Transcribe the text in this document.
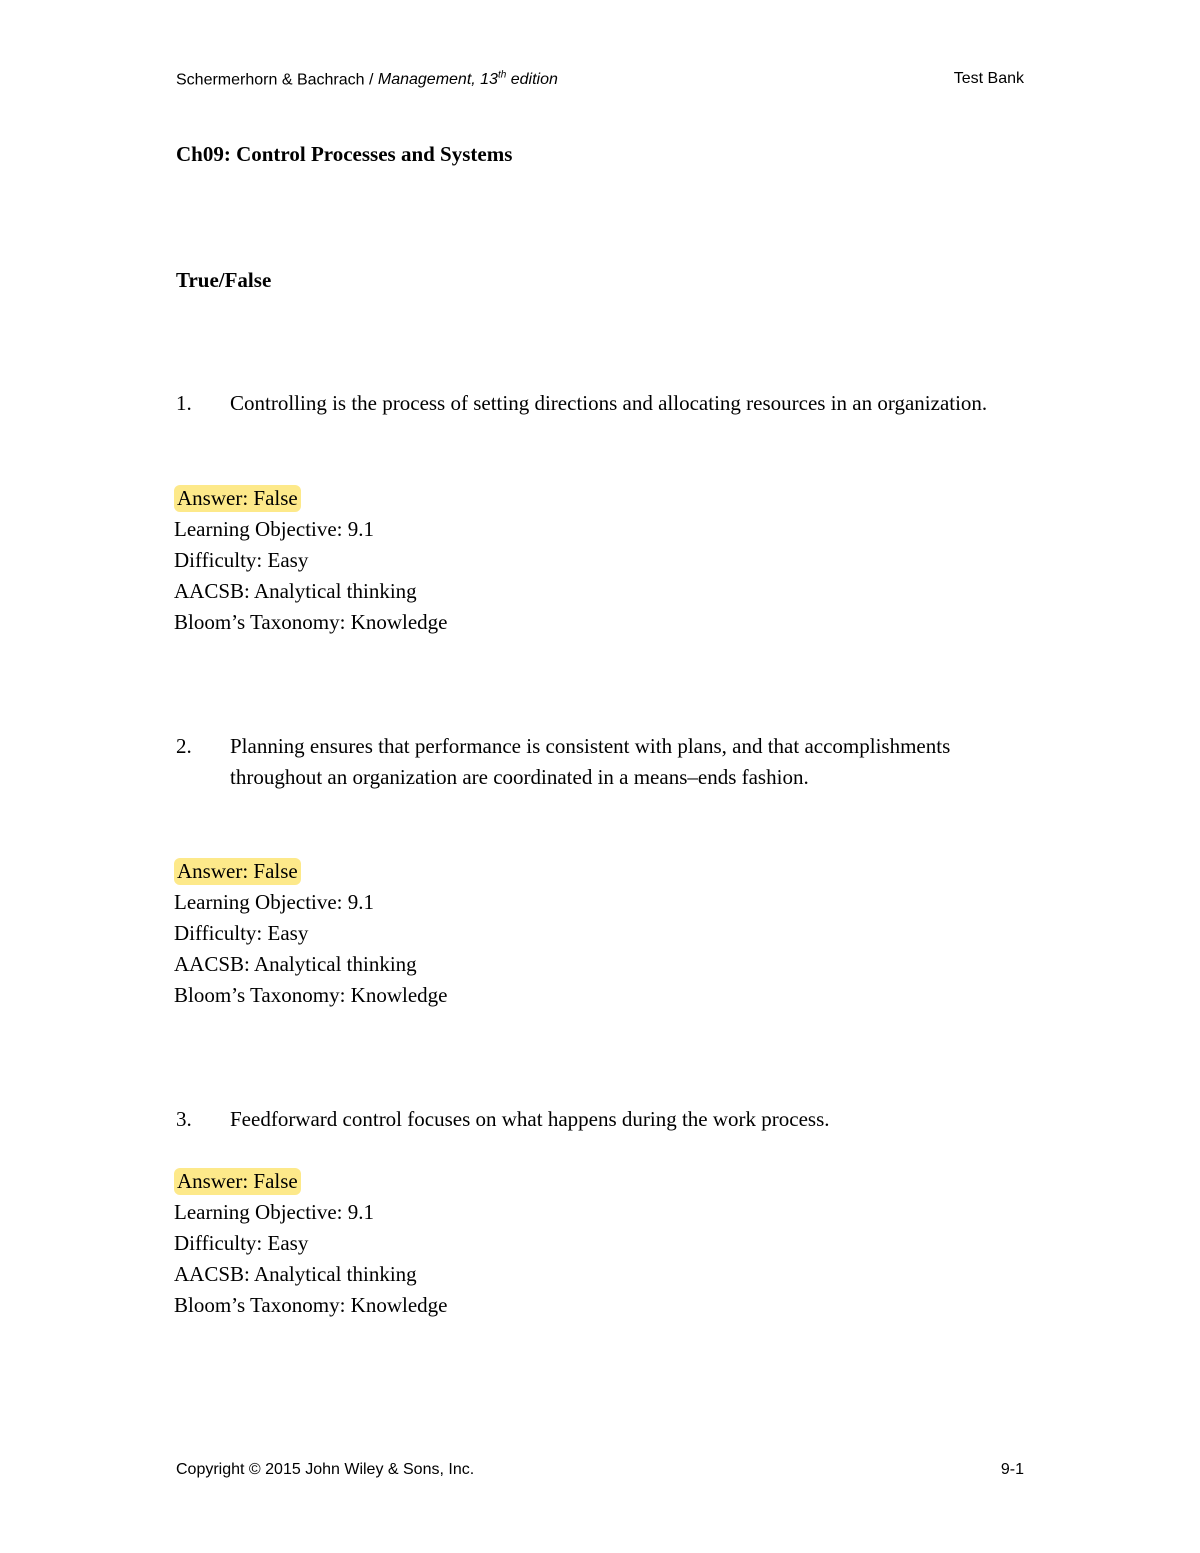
Schermerhorn & Bachrach / Management, 13th edition	Test Bank
Ch09: Control Processes and Systems
True/False
1. Controlling is the process of setting directions and allocating resources in an organization.
Answer: False
Learning Objective: 9.1
Difficulty: Easy
AACSB: Analytical thinking
Bloom’s Taxonomy: Knowledge
2. Planning ensures that performance is consistent with plans, and that accomplishments throughout an organization are coordinated in a means–ends fashion.
Answer: False
Learning Objective: 9.1
Difficulty: Easy
AACSB: Analytical thinking
Bloom’s Taxonomy: Knowledge
3. Feedforward control focuses on what happens during the work process.
Answer: False
Learning Objective: 9.1
Difficulty: Easy
AACSB: Analytical thinking
Bloom’s Taxonomy: Knowledge
Copyright © 2015 John Wiley & Sons, Inc.	9-1
